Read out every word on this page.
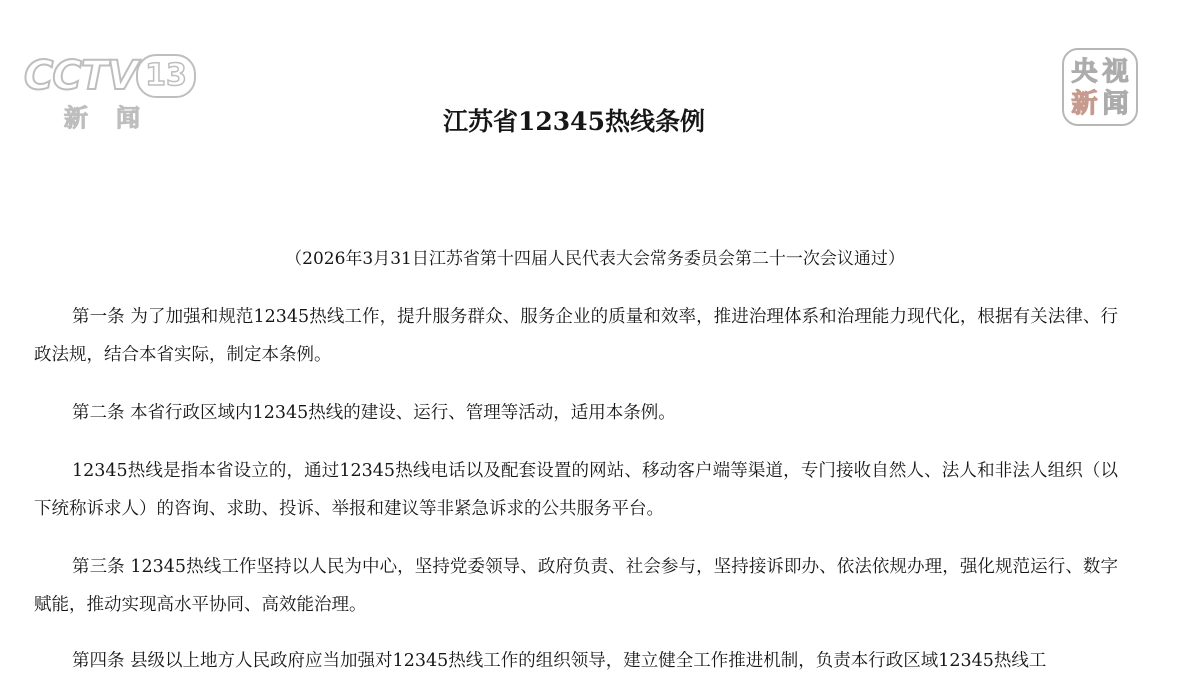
CCTV 13
新闻
央 视
新 闻
江苏省12345热线条例

（2026年3月31日江苏省第十四届人民代表大会常务委员会第二十一次会议通过）

第一条 为了加强和规范12345热线工作，提升服务群众、服务企业的质量和效率，推进治理体系和治理能力现代化，根据有关法律、行政法规，结合本省实际，制定本条例。

第二条 本省行政区域内12345热线的建设、运行、管理等活动，适用本条例。

12345热线是指本省设立的，通过12345热线电话以及配套设置的网站、移动客户端等渠道，专门接收自然人、法人和非法人组织（以下统称诉求人）的咨询、求助、投诉、举报和建议等非紧急诉求的公共服务平台。

第三条 12345热线工作坚持以人民为中心，坚持党委领导、政府负责、社会参与，坚持接诉即办、依法依规办理，强化规范运行、数字赋能，推动实现高水平协同、高效能治理。

第四条 县级以上地方人民政府应当加强对12345热线工作的组织领导，建立健全工作推进机制，负责本行政区域12345热线工
